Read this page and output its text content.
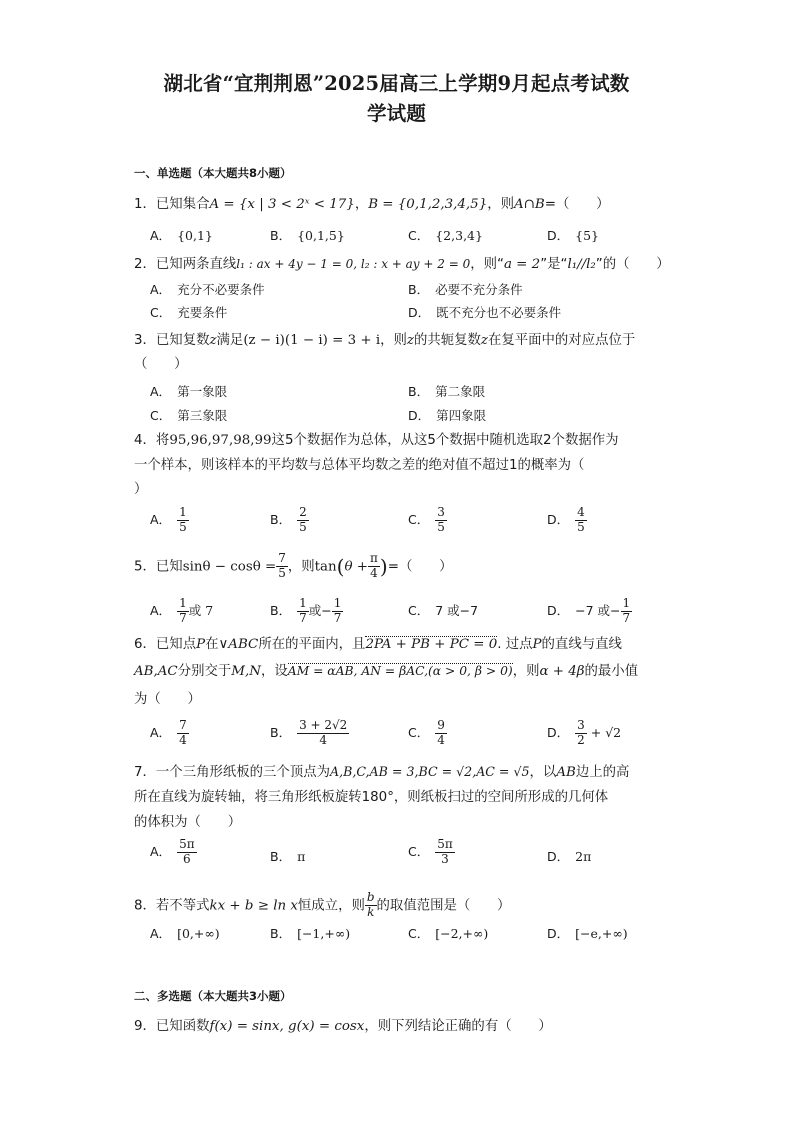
湖北省“宜荆荆恩”2025届高三上学期9月起点考试数
学试题
一、单选题（本大题共8小题）
1．已知集合A = {x | 3 < 2ˣ < 17}，B = {0,1,2,3,4,5}，则A∩B=（　　）
A． {0,1}	B． {0,1,5}	C． {2,3,4}	D． {5}
2．已知两条直线l₁ : ax + 4y − 1 = 0, l₂ : x + ay + 2 = 0，则“a = 2”是“l₁//l₂”的（　　）
A． 充分不必要条件	B． 必要不充分条件
C． 充要条件	D． 既不充分也不必要条件
3．已知复数z满足(z − i)(1 − i) = 3 + i，则z的共轭复数z在复平面中的对应点位于
（　　）
A． 第一象限	B． 第二象限
C． 第三象限	D． 第四象限
4．将95,96,97,98,99这5个数据作为总体，从这5个数据中随机选取2个数据作为
一个样本，则该样本的平均数与总体平均数之差的绝对值不超过1的概率为（
）
A． $\frac{1}{5}$	B． $\frac{2}{5}$	C． $\frac{3}{5}$	D． $\frac{4}{5}$
5．已知$\sin\theta - \cos\theta = \frac{7}{5}$ ，则$\tan(\theta + \frac{\pi}{4}$ )=（　　）
A． $\frac{1}{7}$ 或 7	B． $\frac{1}{7}$ 或− $\frac{1}{7}$	C． 7 或−7	D． −7 或− $\frac{1}{7}$
6．已知点P在∨ABC所在的平面内，且2PA + PB + PC = 0. 过点P的直线与直线
AB,AC分别交于M,N，设AM = αAB, AN = βAC,(α > 0, β > 0)，则α + 4β的最小值
为（　　）
A． $\frac{7}{4}$	B． $\frac{3 + 2√2}{4}$	C． $\frac{9}{4}$	D． $\frac{3}{2} + √2$
7．一个三角形纸板的三个顶点为A,B,C,AB = 3,BC = √2,AC = √5，以AB边上的高
所在直线为旋转轴，将三角形纸板旋转180°，则纸板扫过的空间所形成的几何体
的体积为（　　）
A． $\frac{5\pi}{6}$	B． π	C． $\frac{5\pi}{3}$	D． 2π
8．若不等式kx + b ≥ ln x恒成立，则 $\frac{b}{k}$ 的取值范围是（　　）
A． [0,+∞)	B． [−1,+∞)	C． [−2,+∞)	D． [−e,+∞)
二、多选题（本大题共3小题）
9．已知函数f(x) = sinx, g(x) = cosx，则下列结论正确的有（　　）
